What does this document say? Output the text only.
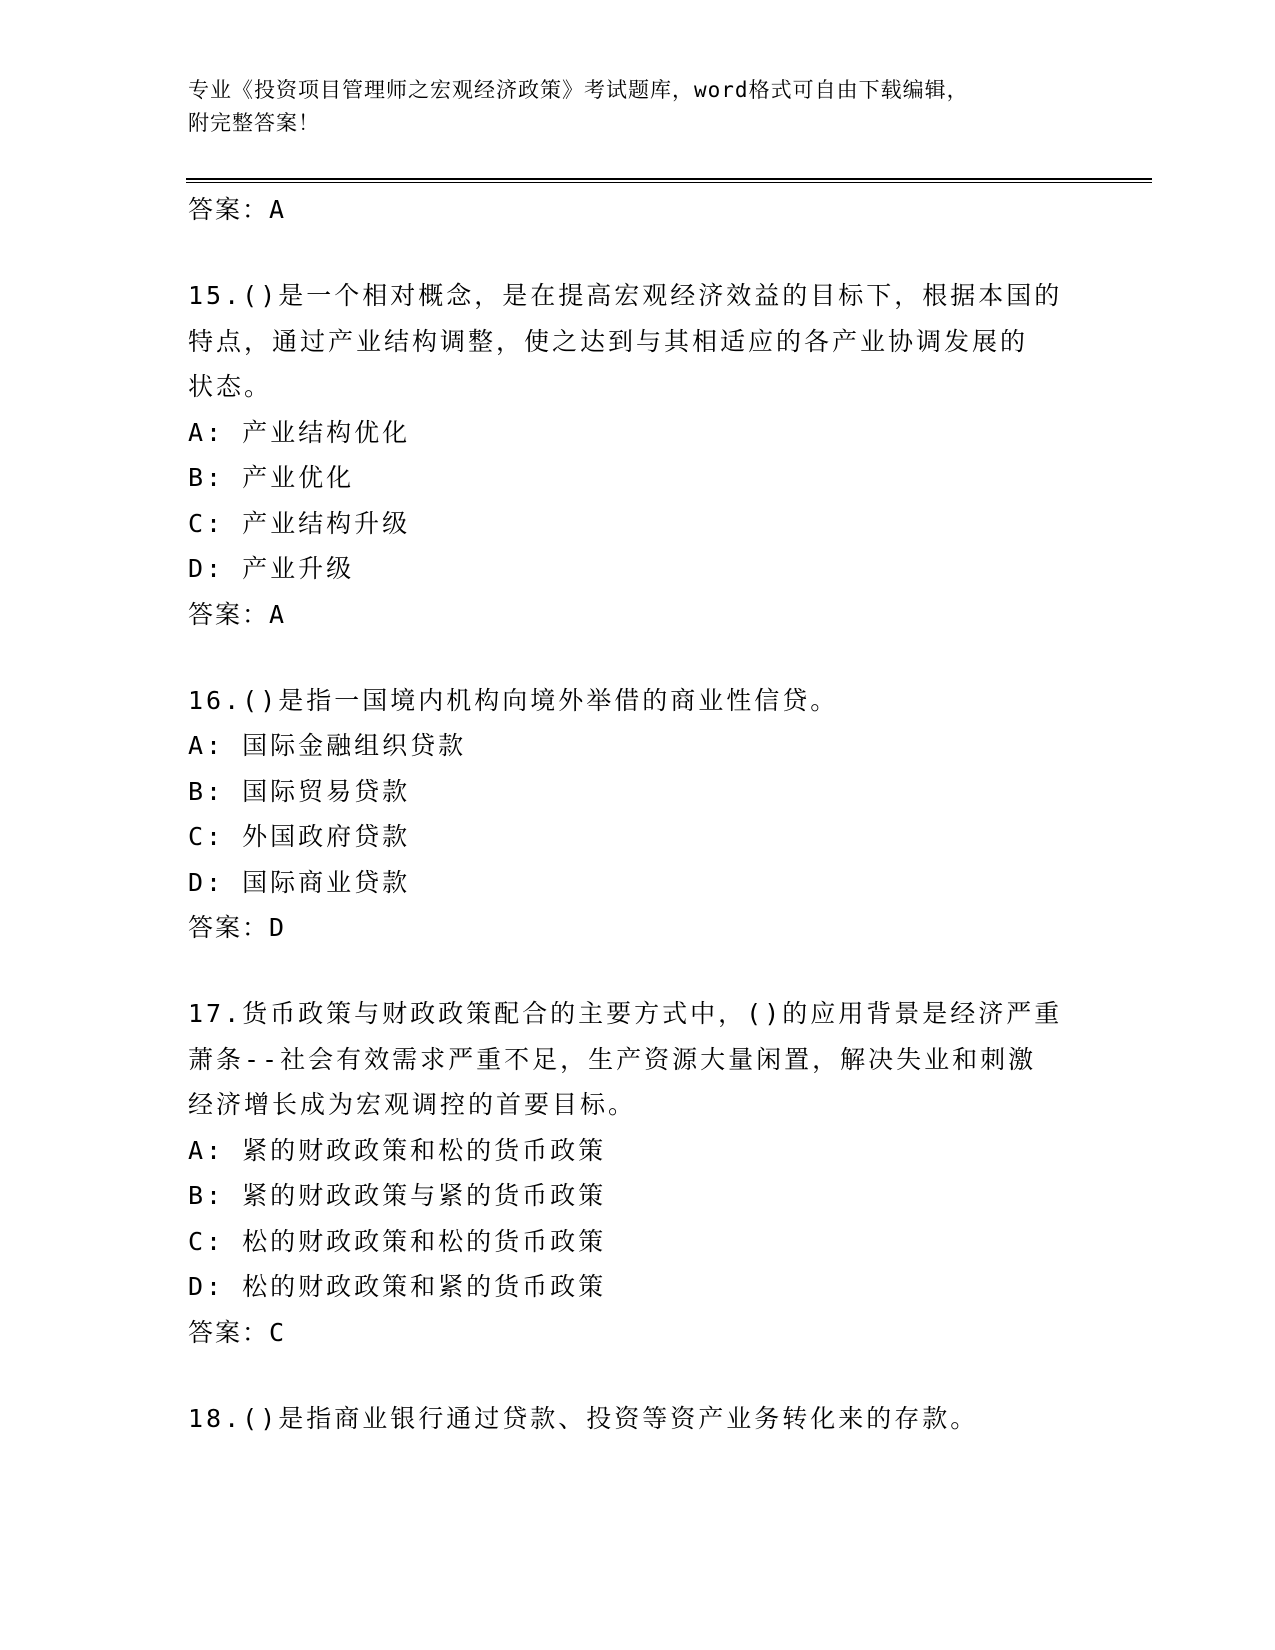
专业《投资项目管理师之宏观经济政策》考试题库，word格式可自由下载编辑，
附完整答案！
答案：A
15.()是一个相对概念，是在提高宏观经济效益的目标下，根据本国的
特点，通过产业结构调整，使之达到与其相适应的各产业协调发展的
状态。
A: 产业结构优化
B: 产业优化
C: 产业结构升级
D: 产业升级
答案：A
16.()是指一国境内机构向境外举借的商业性信贷。
A: 国际金融组织贷款
B: 国际贸易贷款
C: 外国政府贷款
D: 国际商业贷款
答案：D
17.货币政策与财政政策配合的主要方式中，()的应用背景是经济严重
萧条--社会有效需求严重不足，生产资源大量闲置，解决失业和刺激
经济增长成为宏观调控的首要目标。
A: 紧的财政政策和松的货币政策
B: 紧的财政政策与紧的货币政策
C: 松的财政政策和松的货币政策
D: 松的财政政策和紧的货币政策
答案：C
18.()是指商业银行通过贷款、投资等资产业务转化来的存款。
